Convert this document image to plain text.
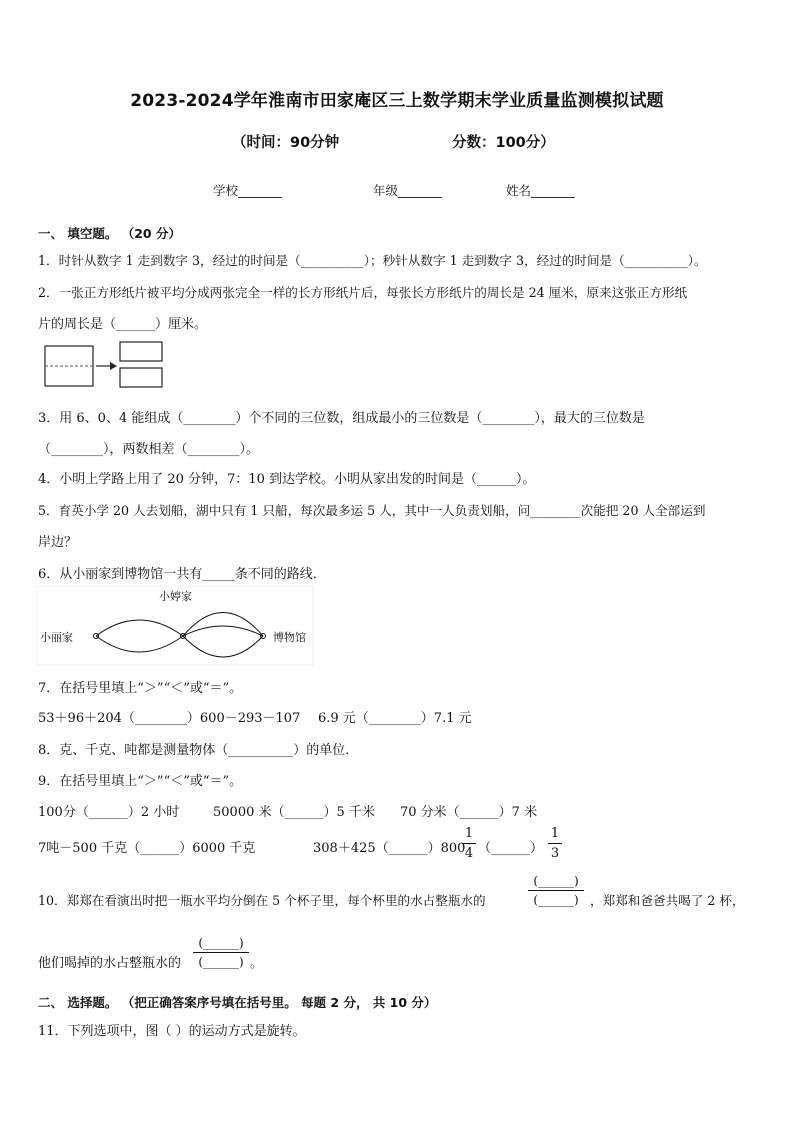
2023-2024学年淮南市田家庵区三上数学期末学业质量监测模拟试题
（时间：90分钟	分数：100分）
学校_______	年级_______	姓名_______
一、 填空题。 （20 分）
1．时针从数字 1 走到数字 3，经过的时间是（__________）；秒针从数字 1 走到数字 3，经过的时间是（__________）。
2．一张正方形纸片被平均分成两张完全一样的长方形纸片后，每张长方形纸片的周长是 24 厘米，原来这张正方形纸
片的周长是（______）厘米。
3．用 6、0、4 能组成（________）个不同的三位数，组成最小的三位数是（________），最大的三位数是
（________），两数相差（________）。
4．小明上学路上用了 20 分钟，7：10 到达学校。小明从家出发的时间是（______）。
5．育英小学 20 人去划船，湖中只有 1 只船，每次最多运 5 人，其中一人负责划船，问________次能把 20 人全部运到
岸边？
6．从小丽家到博物馆一共有_____条不同的路线．
小丽家
小婷家
博物馆
7．在括号里填上“＞”“＜”或“＝”。
53＋96＋204（________）600－293－107 6.9 元（________）7.1 元
8．克、千克、吨都是测量物体（__________）的单位．
9．在括号里填上“＞”“＜”或“＝”。
100分（______）2 小时	50000 米（______）5 千米 70 分米（______）7 米
7吨－500 千克（______）6000 千克	308＋425（______）800
1
4 （______）
1
3
10．郑郑在看演出时把一瓶水平均分倒在 5 个杯子里，每个杯里的水占整瓶水的
(______)
(______) ，郑郑和爸爸共喝了 2 杯，
他们喝掉的水占整瓶水的
(______)
(______) 。
二、 选择题。 （把正确答案序号填在括号里。 每题 2 分， 共 10 分）
11．下列选项中，图（ ）的运动方式是旋转。
